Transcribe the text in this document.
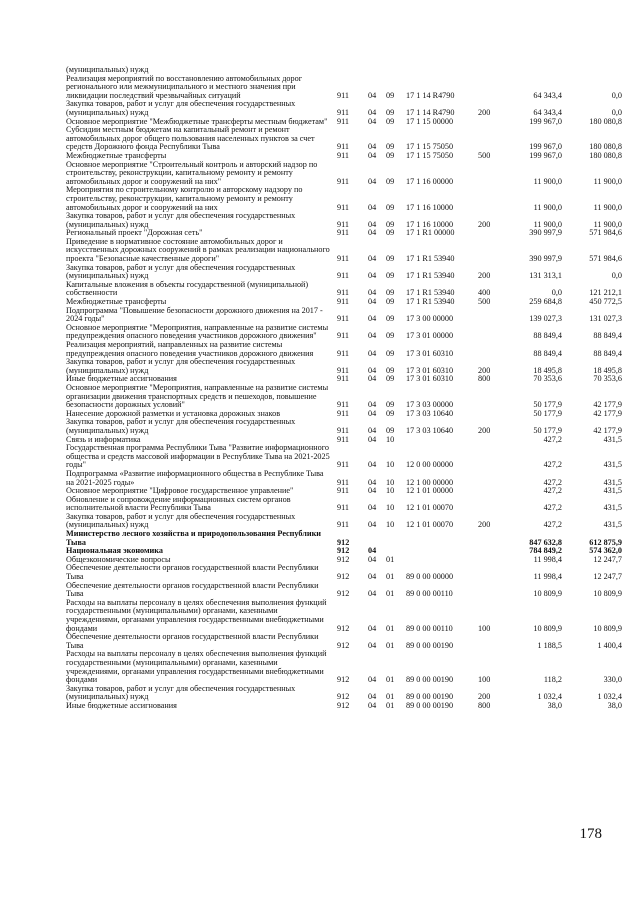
(муниципальных) нужд
Реализация мероприятий по восстановлению автомобильных дорог регионального или межмуниципального и местного значения при ликвидации последствий чрезвычайных ситуаций	911 04 09 17 1 14 R4790	64 343,4	0,0
Закупка товаров, работ и услуг для обеспечения государственных (муниципальных) нужд	911 04 09 17 1 14 R4790	200	64 343,4	0,0
Основное мероприятие "Межбюджетные трансферты местным бюджетам"	911 04 09 17 1 15 00000	199 967,0	180 080,8
Субсидии местным бюджетам на капитальный ремонт и ремонт автомобильных дорог общего пользования населенных пунктов за счет средств Дорожного фонда Республики Тыва	911 04 09 17 1 15 75050	199 967,0	180 080,8
Межбюджетные трансферты	911 04 09 17 1 15 75050	500	199 967,0	180 080,8
Основное мероприятие "Строительный контроль и авторский надзор по строительству, реконструкции, капитальному ремонту и ремонту автомобильных дорог и сооружений на них"	911 04 09 17 1 16 00000	11 900,0	11 900,0
Мероприятия по строительному контролю и авторскому надзору по строительству, реконструкции, капитальному ремонту и ремонту автомобильных дорог и сооружений на них	911 04 09 17 1 16 10000	11 900,0	11 900,0
Закупка товаров, работ и услуг для обеспечения государственных (муниципальных) нужд	911 04 09 17 1 16 10000	200	11 900,0	11 900,0
Региональный проект "Дорожная сеть"	911 04 09 17 1 R1 00000	390 997,9	571 984,6
Приведение в нормативное состояние автомобильных дорог и искусственных дорожных сооружений в рамках реализации национального проекта "Безопасные качественные дороги"	911 04 09 17 1 R1 53940	390 997,9	571 984,6
Закупка товаров, работ и услуг для обеспечения государственных (муниципальных) нужд	911 04 09 17 1 R1 53940	200	131 313,1	0,0
Капитальные вложения в объекты государственной (муниципальной) собственности	911 04 09 17 1 R1 53940	400	0,0	121 212,1
Межбюджетные трансферты	911 04 09 17 1 R1 53940	500	259 684,8	450 772,5
Подпрограмма "Повышение безопасности дорожного движения на 2017 - 2024 годы"	911 04 09 17 3 00 00000	139 027,3	131 027,3
Основное мероприятие "Мероприятия, направленные на развитие системы предупреждения опасного поведения участников дорожного движения"	911 04 09 17 3 01 00000	88 849,4	88 849,4
Реализация мероприятий, направленных на развитие системы предупреждения опасного поведения участников дорожного движения	911 04 09 17 3 01 60310	88 849,4	88 849,4
Закупка товаров, работ и услуг для обеспечения государственных (муниципальных) нужд	911 04 09 17 3 01 60310	200	18 495,8	18 495,8
Иные бюджетные ассигнования	911 04 09 17 3 01 60310	800	70 353,6	70 353,6
Основное мероприятие "Мероприятия, направленные на развитие системы организации движения транспортных средств и пешеходов, повышение безопасности дорожных условий"	911 04 09 17 3 03 00000	50 177,9	42 177,9
Нанесение дорожной разметки и установка дорожных знаков	911 04 09 17 3 03 10640	50 177,9	42 177,9
Закупка товаров, работ и услуг для обеспечения государственных (муниципальных) нужд	911 04 09 17 3 03 10640	200	50 177,9	42 177,9
Связь и информатика	911 04 10	427,2	431,5
Государственная программа Республики Тыва "Развитие информационного общества и средств массовой информации в Республике Тыва на 2021-2025 годы"	911 04 10 12 0 00 00000	427,2	431,5
Подпрограмма «Развитие информационного общества в Республике Тыва на 2021-2025 годы»	911 04 10 12 1 00 00000	427,2	431,5
Основное мероприятие "Цифровое государственное управление"	911 04 10 12 1 01 00000	427,2	431,5
Обновление и сопровождение информационных систем органов исполнительной власти Республики Тыва	911 04 10 12 1 01 00070	427,2	431,5
Закупка товаров, работ и услуг для обеспечения государственных (муниципальных) нужд	911 04 10 12 1 01 00070	200	427,2	431,5
Министерство лесного хозяйства и природопользования Республики Тыва	912	847 632,8	612 875,9
Национальная экономика	912 04	784 849,2	574 362,0
Общеэкономические вопросы	912 04 01	11 998,4	12 247,7
Обеспечение деятельности органов государственной власти Республики Тыва	912 04 01 89 0 00 00000	11 998,4	12 247,7
Обеспечение деятельности органов государственной власти Республики Тыва	912 04 01 89 0 00 00110	10 809,9	10 809,9
Расходы на выплаты персоналу в целях обеспечения выполнения функций государственными (муниципальными) органами, казенными учреждениями, органами управления государственными внебюджетными фондами	912 04 01 89 0 00 00110	100	10 809,9	10 809,9
Обеспечение деятельности органов государственной власти Республики Тыва	912 04 01 89 0 00 00190	1 188,5	1 400,4
Расходы на выплаты персоналу в целях обеспечения выполнения функций государственными (муниципальными) органами, казенными учреждениями, органами управления государственными внебюджетными фондами	912 04 01 89 0 00 00190	100	118,2	330,0
Закупка товаров, работ и услуг для обеспечения государственных (муниципальных) нужд	912 04 01 89 0 00 00190	200	1 032,4	1 032,4
Иные бюджетные ассигнования	912 04 01 89 0 00 00190	800	38,0	38,0
178
